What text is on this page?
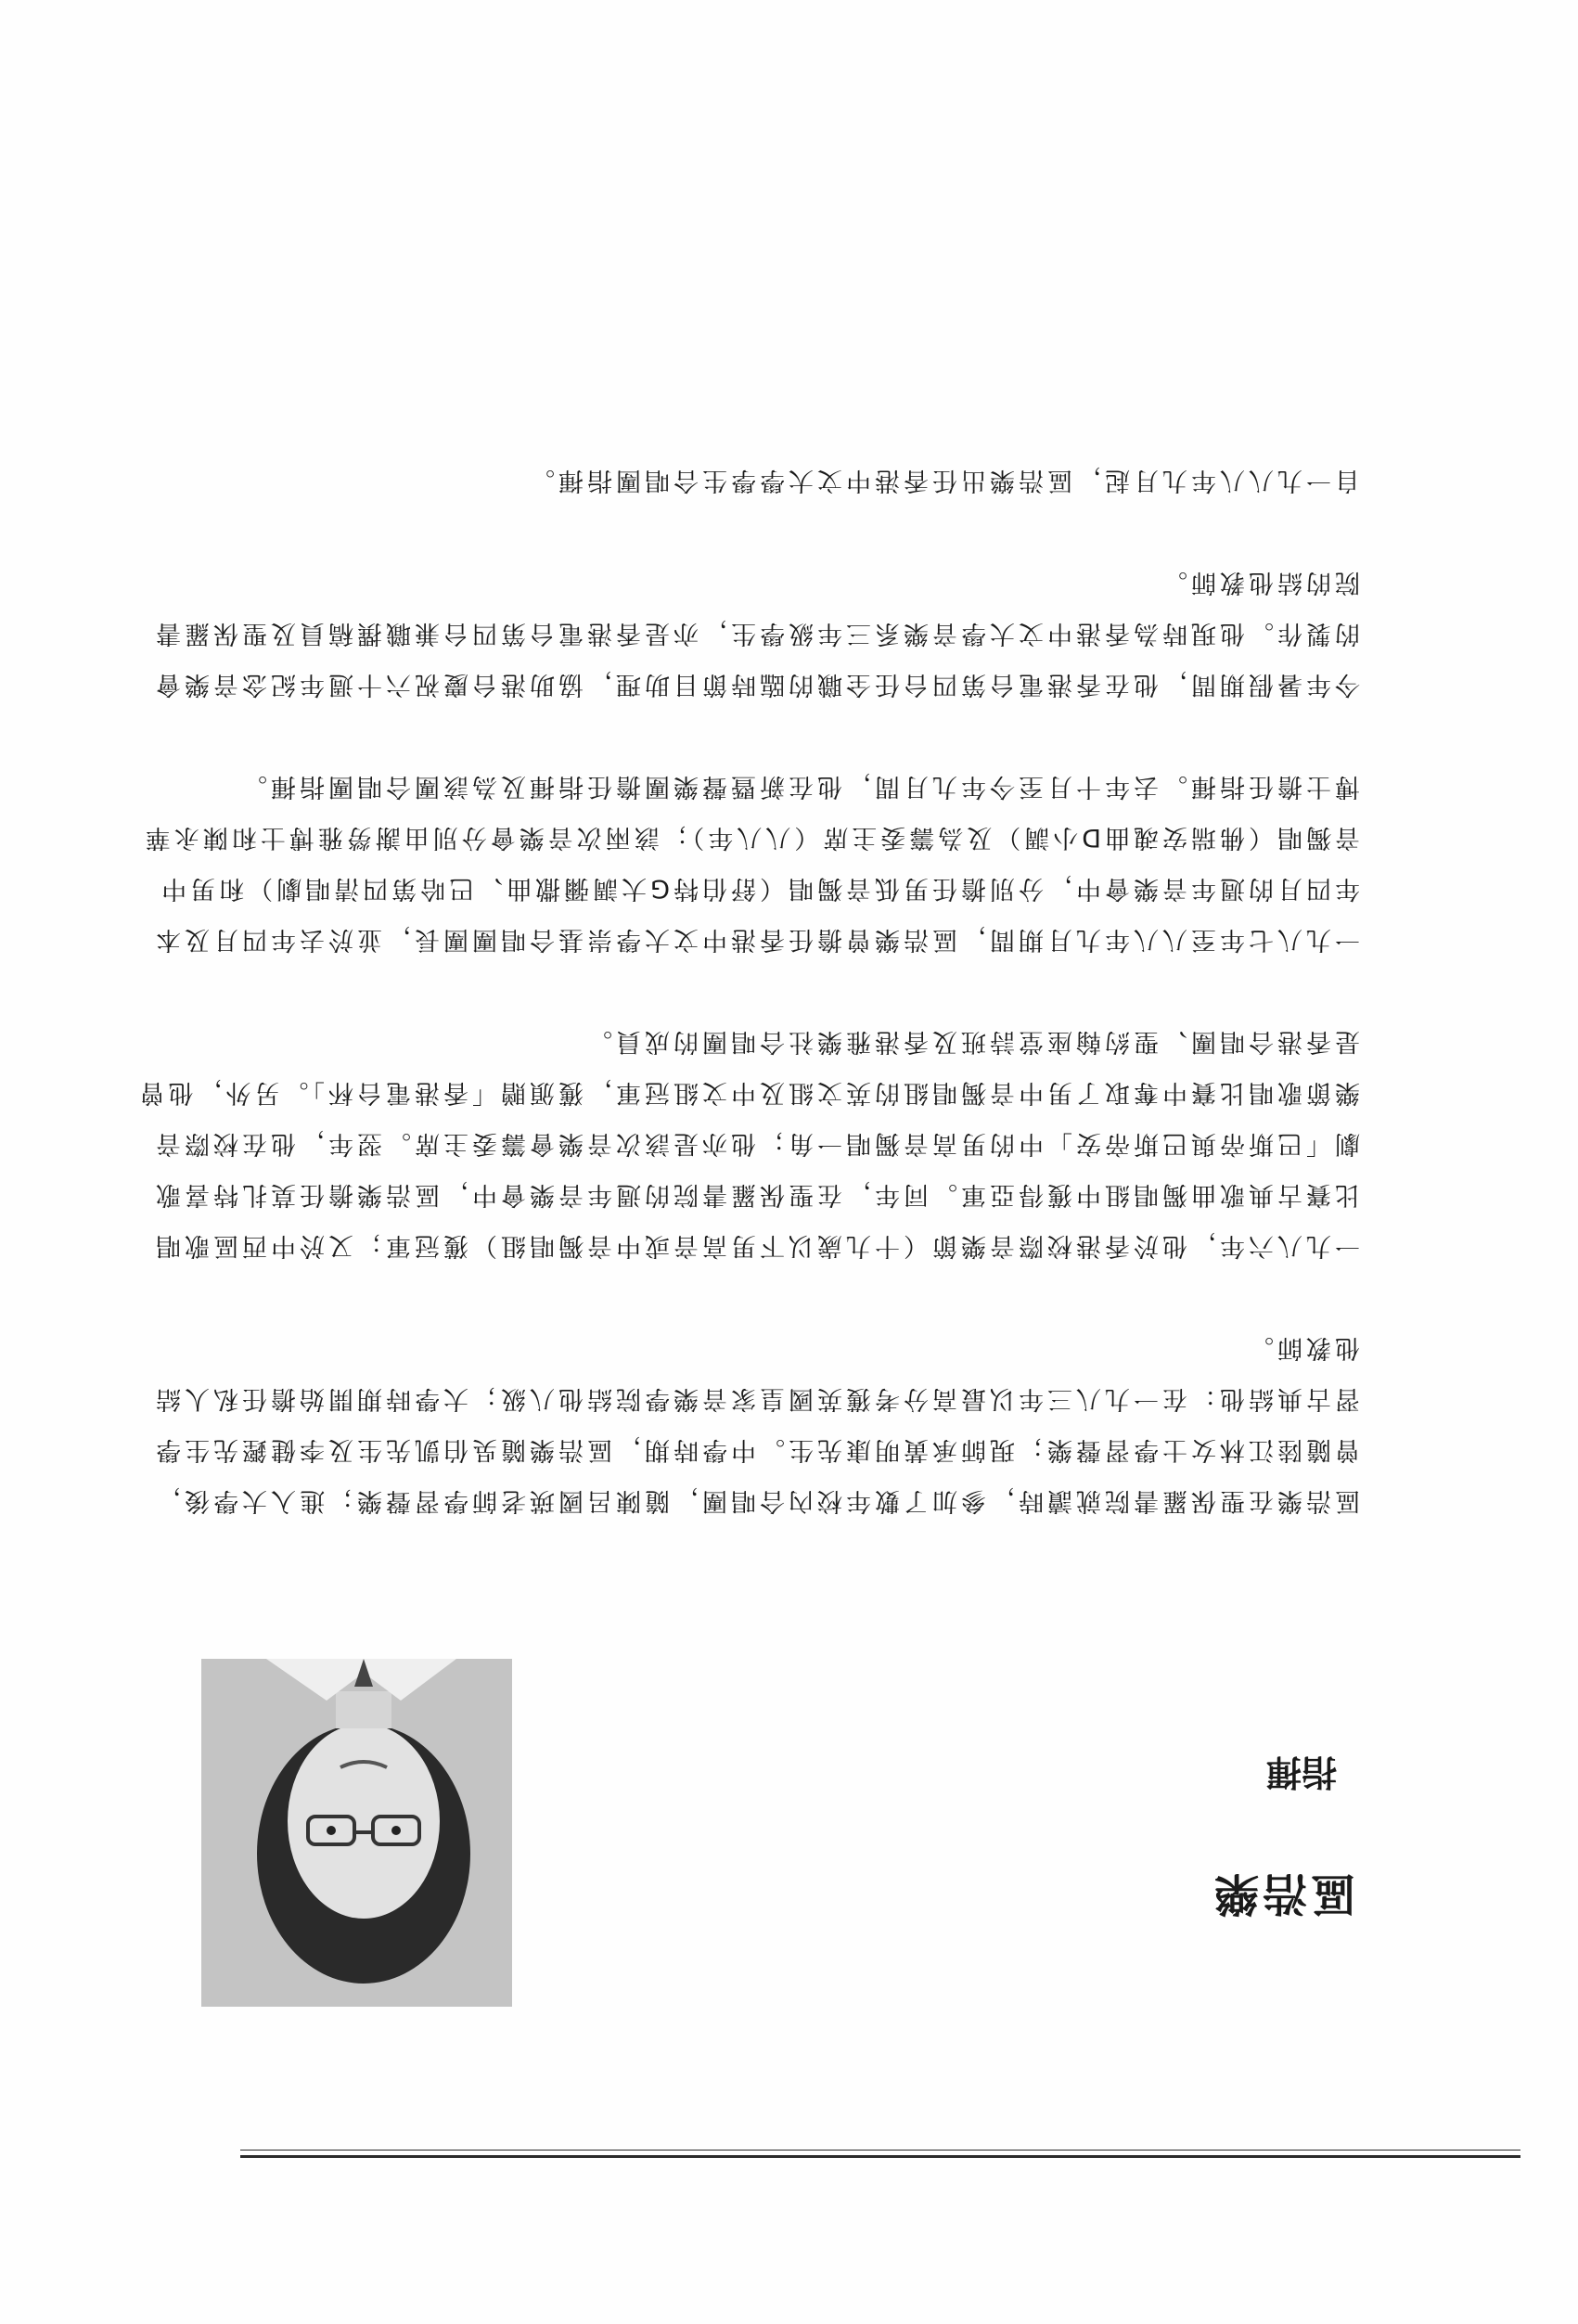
區浩樂
指揮

區浩樂在聖保羅書院就讀時，參加了數年校內合唱團，隨陳呂國瑛老師學習聲樂；進入大學後，曾隨陸江林女士學習聲樂；現師承黃明康先生。中學時期，區浩樂隨吳伯凱先生及李健鏗先生學習古典結他：在一九八三年以最高分考獲英國皇家音樂學院結他八級；大學時期開始擔任私人結他教師。

一九八六年，他於香港校際音樂節（十九歲以下男高音或中音獨唱組）獲冠軍；又於中西區歌唱比賽古典歌曲獨唱組中獲得亞軍。同年，在聖保羅書院的週年音樂會中，區浩樂擔任莫扎特喜歌劇「巴斯帝與巴斯帝安」中的男高音獨唱一角；他亦是該次音樂會籌委主席。翌年，他在校際音樂節歌唱比賽中奪取了男中音獨唱組的英文組及中文組冠軍，獲頒贈「香港電台杯」。另外，他曾是香港合唱團、聖約翰座堂詩班及香港雅樂社合唱團的成員。

一九八七年至八八年九月期間，區浩樂曾擔任香港中文大學崇基合唱團團長，並於去年四月及本年四月的週年音樂會中，分別擔任男低音獨唱（舒伯特G大調彌撒曲、巴哈第四清唱劇）和男中音獨唱（佛瑞安魂曲D小調）及為籌委主席（八八年）；該兩次音樂會分別由謝勞雅博士和陳永華博士擔任指揮。去年十月至今年九月間，他在新暨聲樂團擔任指揮及為該團合唱團指揮。

今年暑假期間，他在香港電台第四台任全職的臨時節目助理，協助港台慶祝六十週年紀念音樂會的製作。他現時為香港中文大學音樂系三年級學生，亦是香港電台第四台兼職撰稿員及聖保羅書院的結他教師。

自一九八八年九月起，區浩樂出任香港中文大學學生合唱團指揮。
